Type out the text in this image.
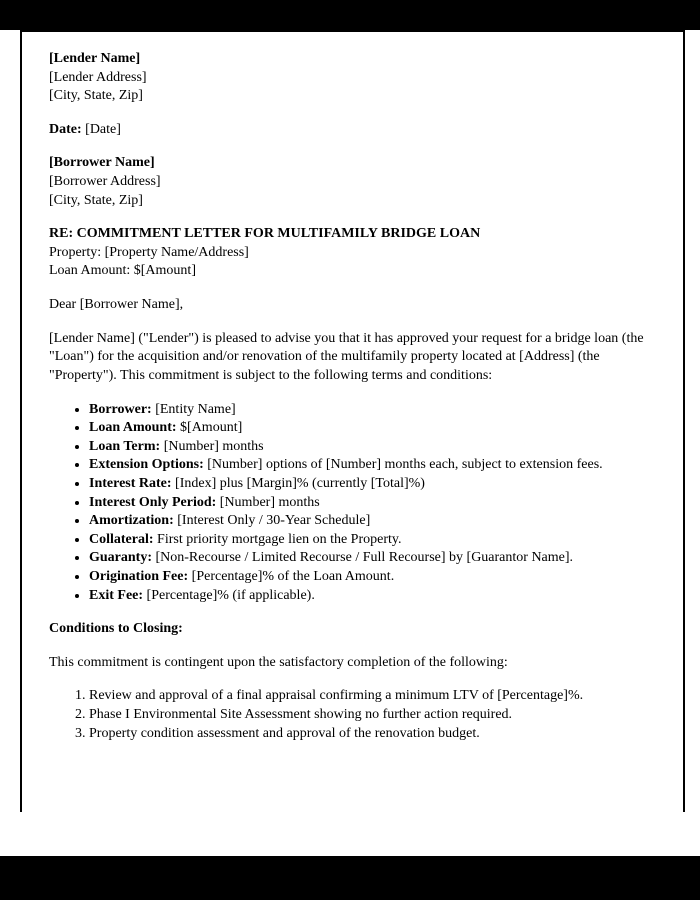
[Lender Name]
[Lender Address]
[City, State, Zip]

Date: [Date]

[Borrower Name]
[Borrower Address]
[City, State, Zip]

RE: COMMITMENT LETTER FOR MULTIFAMILY BRIDGE LOAN
Property: [Property Name/Address]
Loan Amount: $[Amount]

Dear [Borrower Name],

[Lender Name] ("Lender") is pleased to advise you that it has approved your request for a bridge loan (the "Loan") for the acquisition and/or renovation of the multifamily property located at [Address] (the "Property"). This commitment is subject to the following terms and conditions:

• Borrower: [Entity Name]
• Loan Amount: $[Amount]
• Loan Term: [Number] months
• Extension Options: [Number] options of [Number] months each, subject to extension fees.
• Interest Rate: [Index] plus [Margin]% (currently [Total]%)
• Interest Only Period: [Number] months
• Amortization: [Interest Only / 30-Year Schedule]
• Collateral: First priority mortgage lien on the Property.
• Guaranty: [Non-Recourse / Limited Recourse / Full Recourse] by [Guarantor Name].
• Origination Fee: [Percentage]% of the Loan Amount.
• Exit Fee: [Percentage]% (if applicable).

Conditions to Closing:

This commitment is contingent upon the satisfactory completion of the following:

1. Review and approval of a final appraisal confirming a minimum LTV of [Percentage]%.
2. Phase I Environmental Site Assessment showing no further action required.
3. Property condition assessment and approval of the renovation budget.
